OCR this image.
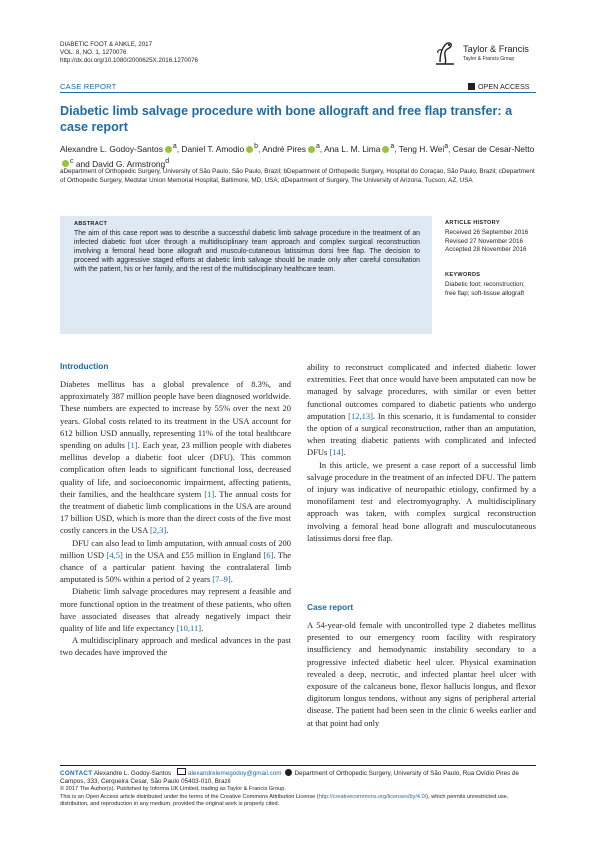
DIABETIC FOOT & ANKLE, 2017
VOL. 8, NO. 1, 1270076
http://dx.doi.org/10.1080/2000625X.2016.1270076
Taylor & Francis
Taylor & Francis Group
CASE REPORT	OPEN ACCESS
Diabetic limb salvage procedure with bone allograft and free flap transfer: a case report
Alexandre L. Godoy-Santos $^a$, Daniel T. Amodio $^b$, André Pires $^a$, Ana L. M. Lima $^a$, Teng H. Wei$^a$, Cesar de Cesar-Netto$^c$ and David G. Armstrong$^d$
aDepartment of Orthopedic Surgery, University of São Paulo, São Paulo, Brazil; bDepartment of Orthopedic Surgery, Hospital do Coraçao, São Paulo, Brazil; cDepartment of Orthopedic Surgery, Medstar Union Memorial Hospital, Baltimore, MD, USA; dDepartment of Surgery, The University of Arizona, Tucson, AZ, USA
ABSTRACT
The aim of this case report was to describe a successful diabetic limb salvage procedure in the treatment of an infected diabetic foot ulcer through a multidisciplinary team approach and complex surgical reconstruction involving a femoral head bone allograft and musculo-cutaneous latissimus dorsi free flap. The decision to proceed with aggressive staged efforts at diabetic limb salvage should be made only after careful consultation with the patient, his or her family, and the rest of the multidisciplinary healthcare team.
ARTICLE HISTORY
Received 26 September 2016
Revised 27 November 2016
Accepted 28 November 2016
KEYWORDS
Diabetic foot; reconstruction; free flap; soft-tissue allograft
Introduction

Diabetes mellitus has a global prevalence of 8.3%, and approximately 387 million people have been diagnosed worldwide. These numbers are expected to increase by 55% over the next 20 years. Global costs related to its treatment in the USA account for 612 billion USD annually, representing 11% of the total healthcare spending on adults [1]. Each year, 23 million people with diabetes mellitus develop a diabetic foot ulcer (DFU). This common complication often leads to significant functional loss, decreased quality of life, and socioeconomic impairment, affecting patients, their families, and the healthcare system [1]. The annual costs for the treatment of diabetic limb complications in the USA are around 17 billion USD, which is more than the direct costs of the five most costly cancers in the USA [2,3].

DFU can also lead to limb amputation, with annual costs of 200 million USD [4,5] in the USA and £55 million in England [6]. The chance of a particular patient having the contralateral limb amputated is 50% within a period of 2 years [7–9].

Diabetic limb salvage procedures may represent a feasible and more functional option in the treatment of these patients, who often have associated diseases that already negatively impact their quality of life and life expectancy [10,11].

A multidisciplinary approach and medical advances in the past two decades have improved the

ability to reconstruct complicated and infected diabetic lower extremities. Feet that once would have been amputated can now be managed by salvage procedures, with similar or even better functional outcomes compared to diabetic patients who undergo amputation [12,13]. In this scenario, it is fundamental to consider the option of a surgical reconstruction, rather than an amputation, when treating diabetic patients with complicated and infected DFUs [14].

In this article, we present a case report of a successful limb salvage procedure in the treatment of an infected DFU. The pattern of injury was indicative of neuropathic etiology, confirmed by a monofilament test and electromyography. A multidisciplinary approach was taken, with complex surgical reconstruction involving a femoral head bone allograft and musculocutaneous latissimus dorsi free flap.

Case report

A 54-year-old female with uncontrolled type 2 diabetes mellitus presented to our emergency room facility with respiratory insufficiency and hemodynamic instability secondary to a progressive infected diabetic heel ulcer. Physical examination revealed a deep, necrotic, and infected plantar heel ulcer with exposure of the calcaneus bone, flexor hallucis longus, and flexor digitorum longus tendons, without any signs of peripheral arterial disease. The patient had been seen in the clinic 6 weeks earlier and at that point had only

CONTACT Alexandre L. Godoy-Santos alexandrelemegodoy@gmail.com Department of Orthopedic Surgery, University of São Paulo, Rua Ovídio Pires de Campos, 333, Cerqueira Cesar, São Paulo 05403-010, Brazil
© 2017 The Author(s). Published by Informa UK Limited, trading as Taylor & Francis Group.
This is an Open Access article distributed under the terms of the Creative Commons Attribution License (http://creativecommons.org/licenses/by/4.0/), which permits unrestricted use, distribution, and reproduction in any medium, provided the original work is properly cited.
